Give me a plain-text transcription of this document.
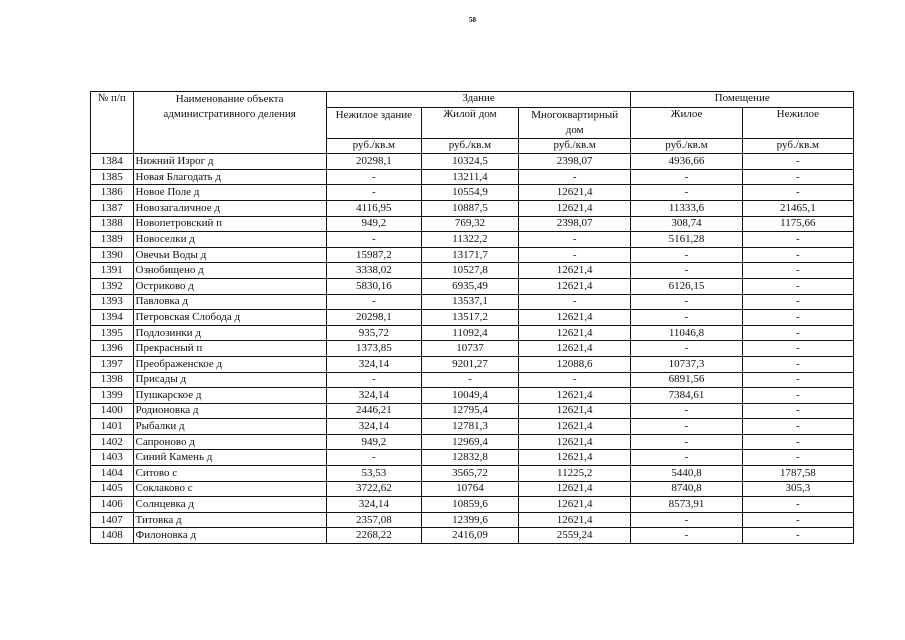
58
№ п/п	Наименование объекта административного деления	Здание			Помещение	
		Нежилое здание	Жилой дом	Многоквартирный дом	Жилое	Нежилое
		руб./кв.м	руб./кв.м	руб./кв.м	руб./кв.м	руб./кв.м
1384	Нижний Изрог д	20298,1	10324,5	2398,07	4936,66	-
1385	Новая Благодать д	-	13211,4	-	-	-
1386	Новое Поле д	-	10554,9	12621,4	-	-
1387	Новозагаличное д	4116,95	10887,5	12621,4	11333,6	21465,1
1388	Новопетровский п	949,2	769,32	2398,07	308,74	1175,66
1389	Новоселки д	-	11322,2	-	5161,28	-
1390	Овечьи Воды д	15987,2	13171,7	-	-	-
1391	Ознобищено д	3338,02	10527,8	12621,4	-	-
1392	Остриково д	5830,16	6935,49	12621,4	6126,15	-
1393	Павловка д	-	13537,1	-	-	-
1394	Петровская Слобода д	20298,1	13517,2	12621,4	-	-
1395	Подлозинки д	935,72	11092,4	12621,4	11046,8	-
1396	Прекрасный п	1373,85	10737	12621,4	-	-
1397	Преображенское д	324,14	9201,27	12088,6	10737,3	-
1398	Присады д	-	-	-	6891,56	-
1399	Пушкарское д	324,14	10049,4	12621,4	7384,61	-
1400	Родионовка д	2446,21	12795,4	12621,4	-	-
1401	Рыбалки д	324,14	12781,3	12621,4	-	-
1402	Сапроново д	949,2	12969,4	12621,4	-	-
1403	Синий Камень д	-	12832,8	12621,4	-	-
1404	Ситово с	53,53	3565,72	11225,2	5440,8	1787,58
1405	Соклаково с	3722,62	10764	12621,4	8740,8	305,3
1406	Солнцевка д	324,14	10859,6	12621,4	8573,91	-
1407	Титовка д	2357,08	12399,6	12621,4	-	-
1408	Филоновка д	2268,22	2416,09	2559,24	-	-
